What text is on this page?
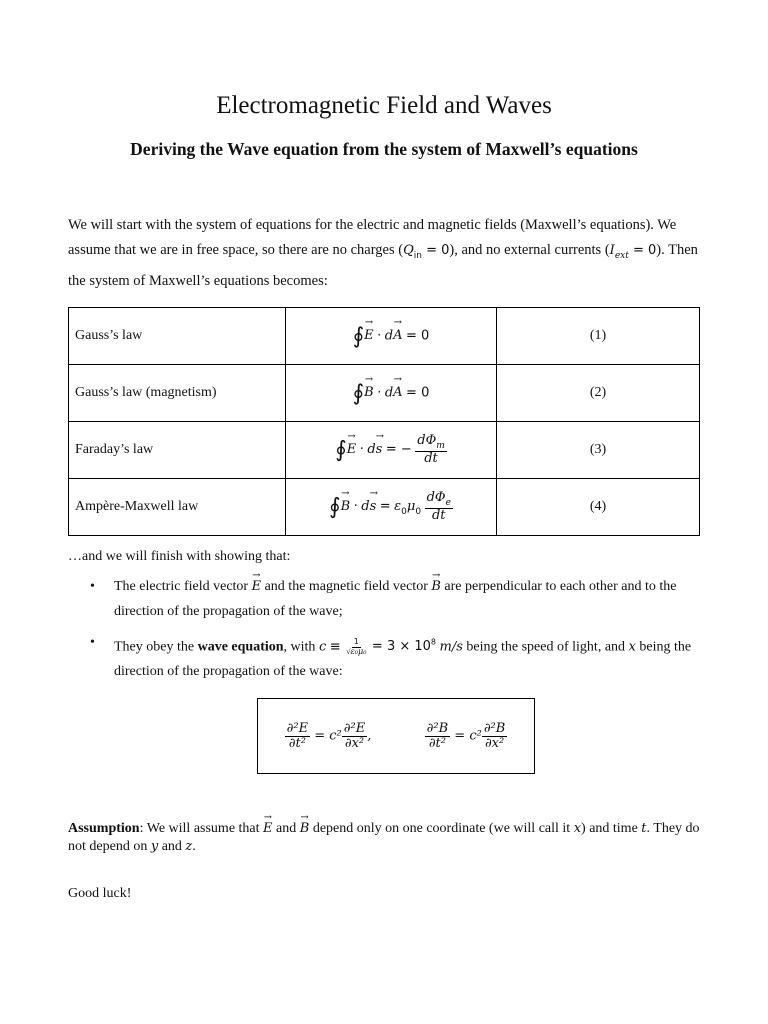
Electromagnetic Field and Waves
Deriving the Wave equation from the system of Maxwell’s equations

We will start with the system of equations for the electric and magnetic fields (Maxwell’s equations). We assume that we are in free space, so there are no charges $(Q_{in} = 0)$, and no external currents $(I_{ext} = 0)$. Then the system of Maxwell’s equations becomes:

Gauss’s law	∮→ E · d→ A = 0	(1)
Gauss’s law (magnetism)	∮→ B · d→ A = 0	(2)
Faraday’s law	∮→ E · d→ s = − $\frac{d\Phi_m}{dt}$	(3)
Ampère-Maxwell law	∮→ $B \cdot d\to s = \varepsilon_0\mu_0 \frac{d\Phi_e}{dt}$	(4)

…and we will finish with showing that:

• The electric field vector → E and the magnetic field vector → B are perpendicular to each other and to the direction of the propagation of the wave;
• They obey the wave equation, with $c \equiv \frac{1}{\text{√ε₀μ₀}} = 3 \times 10^8$ m/s being the speed of light, and x being the direction of the propagation of the wave:
$\frac{\text{∂²E}}{\text{∂t²}} = c^2 \frac{\text{∂²E}}{\text{∂x²}}$ ,	$\frac{\text{∂²B}}{\text{∂t²}} = c^2 \frac{\text{∂²B}}{\text{∂x²}}$

Assumption: We will assume that → E and → B depend only on one coordinate (we will call it x) and time t. They do not depend on y and z.

Good luck!
